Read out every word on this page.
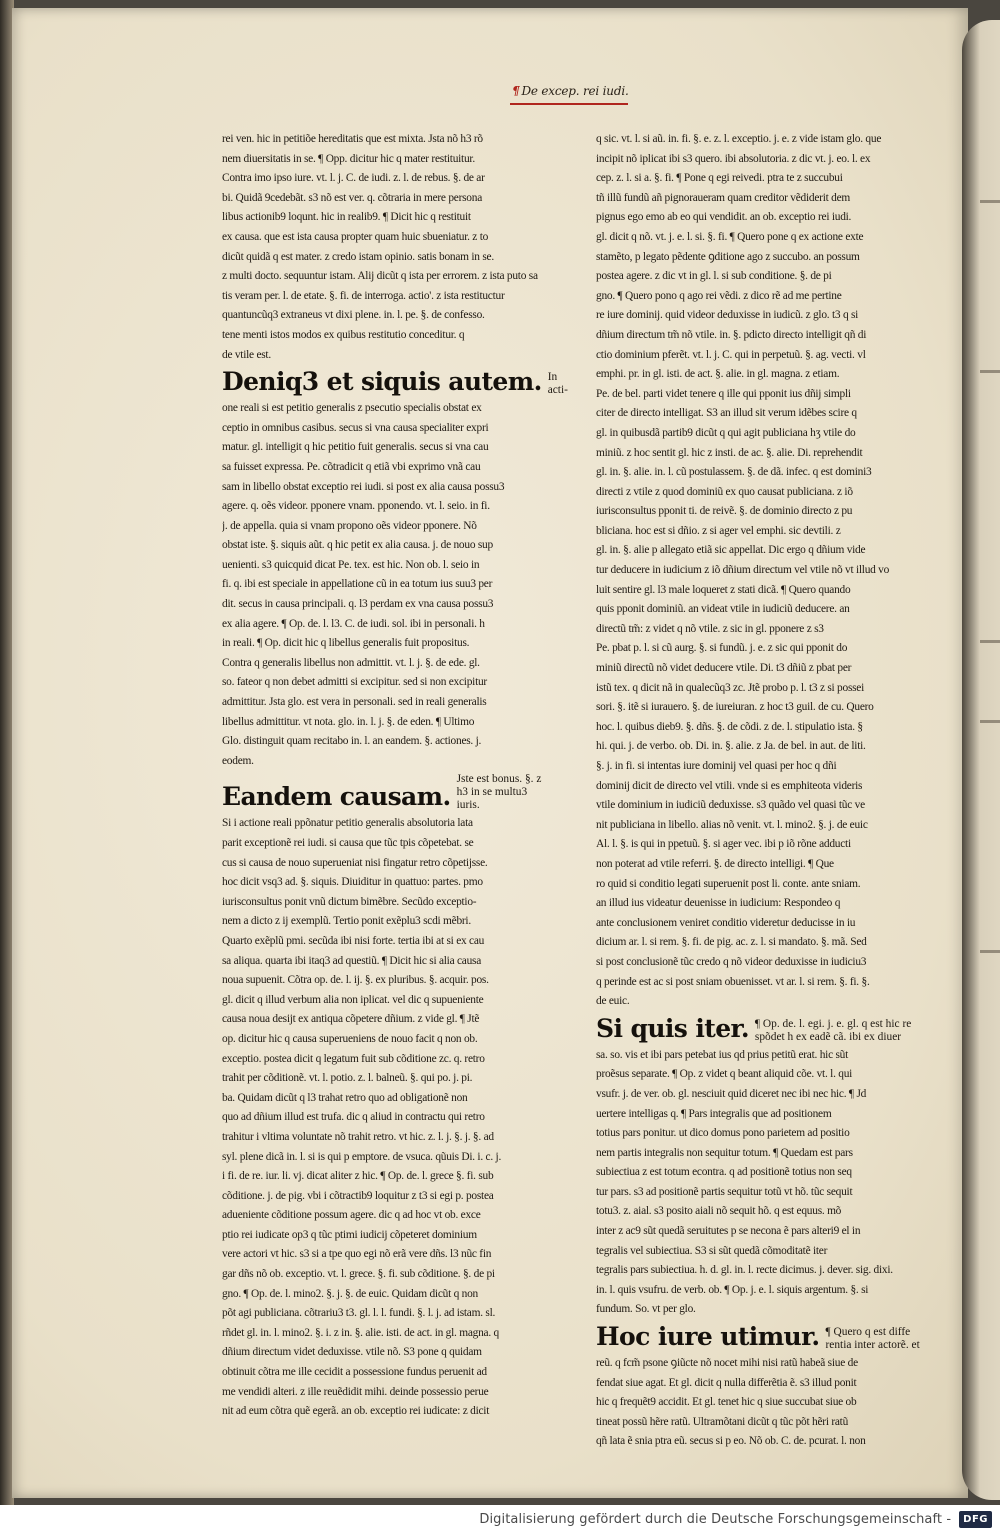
¶ De excep. rei iudi.
rei ven. hic in petitiõe hereditatis que est mixta. Jsta nõ h3 rõ
nem diuersitatis in se. ¶ Opp. dicitur hic q mater restituitur.
Contra imo ipso iure. vt. l. j. C. de iudi. z. l. de rebus. §. de ar
bi. Quidã 9cedebãt. s3 nõ est ver. q. cõtraria in mere persona
libus actionib9 loqunt. hic in realib9. ¶ Dicit hic q restituit
ex causa. que est ista causa propter quam huic sbueniatur. z to
dicũt quidã q est mater. z credo istam opinio. satis bonam in se.
z multi docto. sequuntur istam. Alij dicũt q ista per errorem. z ista puto sa
tis veram per. l. de etate. §. fi. de interroga. actio'. z ista restituctur
quantuncũq3 extraneus vt dixi plene. in. l. pe. §. de confesso.
tene menti istos modos ex quibus restitutio conceditur. q
de vtile est.
Deniq3 et siquis autem. In acti-
one reali si est petitio generalis z psecutio specialis obstat ex
ceptio in omnibus casibus. secus si vna causa specialiter expri
matur. gl. intelligit q hic petitio fuit generalis. secus si vna cau
sa fuisset expressa. Pe. cõtradicit q etiã vbi exprimo vnã cau
sam in libello obstat exceptio rei iudi. si post ex alia causa possu3
agere. q. oẽs videor. pponere vnam. pponendo. vt. l. seio. in fi.
j. de appella. quia si vnam propono oẽs videor pponere. Nõ
obstat iste. §. siquis aũt. q hic petit ex alia causa. j. de nouo sup
uenienti. s3 quicquid dicat Pe. tex. est hic. Non ob. l. seio in
fi. q. ibi est speciale in appellatione cũ in ea totum ius suu3 per
dit. secus in causa principali. q. l3 perdam ex vna causa possu3
ex alia agere. ¶ Op. de. l. l3. C. de iudi. sol. ibi in personali. h
in reali. ¶ Op. dicit hic q libellus generalis fuit propositus.
Contra q generalis libellus non admittit. vt. l. j. §. de ede. gl.
so. fateor q non debet admitti si excipitur. sed si non excipitur
admittitur. Jsta glo. est vera in personali. sed in reali generalis
libellus admittitur. vt nota. glo. in. l. j. §. de eden. ¶ Ultimo
Glo. distinguit quam recitabo in. l. an eandem. §. actiones. j.
eodem.
Eandem causam.
Jste est bonus. §. z
h3 in se multu3 iuris.
Si i actione reali ppõnatur petitio generalis absolutoria lata
parit exceptionẽ rei iudi. si causa que tũc tpis cõpetebat. se
cus si causa de nouo superueniat nisi fingatur retro cõpetijsse.
hoc dicit vsq3 ad. §. siquis. Diuiditur in quattuo: partes. pmo
iurisconsultus ponit vnũ dictum bimẽbre. Secũdo exceptio-
nem a dicto z ij exemplũ. Tertio ponit exẽplu3 scdi mẽbri.
Quarto exẽplũ pmi. secũda ibi nisi forte. tertia ibi at si ex cau
sa aliqua. quarta ibi itaq3 ad questiũ. ¶ Dicit hic si alia causa
noua supuenit. Cõtra op. de. l. ij. §. ex pluribus. §. acquir. pos.
gl. dicit q illud verbum alia non iplicat. vel dic q supueniente
causa noua desijt ex antiqua cõpetere dñium. z vide gl. ¶ Jtẽ
op. dicitur hic q causa superueniens de nouo facit q non ob.
exceptio. postea dicit q legatum fuit sub cõditione zc. q. retro
trahit per cõditionẽ. vt. l. potio. z. l. balneũ. §. qui po. j. pi.
ba. Quidam dicũt q l3 trahat retro quo ad obligationẽ non
quo ad dñium illud est trufa. dic q aliud in contractu qui retro
trahitur i vltima voluntate nõ trahit retro. vt hic. z. l. j. §. j. §. ad
syl. plene dicã in. l. si is qui p emptore. de vsuca. qũuis Di. i. c. j.
i fi. de re. iur. li. vj. dicat aliter z hic. ¶ Op. de. l. grece §. fi. sub
cõditione. j. de pig. vbi i cõtractib9 loquitur z t3 si egi p. postea
adueniente cõditione possum agere. dic q ad hoc vt ob. exce
ptio rei iudicate op3 q tũc ptimi iudicij cõpeteret dominium
vere actori vt hic. s3 si a tpe quo egi nõ erã vere dñs. l3 nũc fin
gar dñs nõ ob. exceptio. vt. l. grece. §. fi. sub cõditione. §. de pi
gno. ¶ Op. de. l. mino2. §. j. §. de euic. Quidam dicũt q non
põt agi publiciana. cõtrariu3 t3. gl. l. l. fundi. §. l. j. ad istam. sl.
rñdet gl. in. l. mino2. §. i. z in. §. alie. isti. de act. in gl. magna. q
dñium directum videt deduxisse. vtile nõ. S3 pone q quidam
obtinuit cõtra me ille cecidit a possessione fundus peruenit ad
me vendidi alteri. z ille reuẽdidit mihi. deinde possessio perue
nit ad eum cõtra quẽ egerã. an ob. exceptio rei iudicate: z dicit
q sic. vt. l. si aũ. in. fi. §. e. z. l. exceptio. j. e. z vide istam glo. que
incipit nõ iplicat ibi s3 quero. ibi absolutoria. z dic vt. j. eo. l. ex
cep. z. l. si a. §. fi. ¶ Pone q egi reivedi. ptra te z succubui
tñ illũ fundũ añ pignoraueram quam creditor vẽdiderit dem
pignus ego emo ab eo qui vendidit. an ob. exceptio rei iudi.
gl. dicit q nõ. vt. j. e. l. si. §. fi. ¶ Quero pone q ex actione exte
stamẽto, p legato pẽdente ꝯditione ago z succubo. an possum
postea agere. z dic vt in gl. l. si sub conditione. §. de pi
gno. ¶ Quero pono q ago rei vẽdi. z dico rẽ ad me pertine
re iure dominij. quid videor deduxisse in iudicũ. z glo. t3 q si
dñium directum tm̃ nõ vtile. in. §. pdicto directo intelligit qñ di
ctio dominium pferẽt. vt. l. j. C. qui in perpetuũ. §. ag. vecti. vl
emphi. pr. in gl. isti. de act. §. alie. in gl. magna. z etiam.
Pe. de bel. parti videt tenere q ille qui pponit ius dñij simpli
citer de directo intelligat. S3 an illud sit verum idẽbes scire q
gl. in quibusdã partib9 dicũt q qui agit publiciana hʒ vtile do
miniũ. z hoc sentit gl. hic z insti. de ac. §. alie. Di. reprehendit
gl. in. §. alie. in. l. cũ postulassem. §. de dã. infec. q est domini3
directi z vtile z quod dominiũ ex quo causat publiciana. z iõ
iurisconsultus pponit ti. de reivẽ. §. de dominio directo z pu
bliciana. hoc est si dñio. z si ager vel emphi. sic devtili. z
gl. in. §. alie p allegato etiã sic appellat. Dic ergo q dñium vide
tur deducere in iudicium z iõ dñium directum vel vtile nõ vt illud vo
luit sentire gl. l3 male loqueret z stati dicã. ¶ Quero quando
quis pponit dominiũ. an videat vtile in iudiciũ deducere. an
directũ tm̃: z videt q nõ vtile. z sic in gl. pponere z s3
Pe. pbat p. l. si cũ aurg. §. si fundũ. j. e. z sic qui pponit do
miniũ directũ nõ videt deducere vtile. Di. t3 dñiũ z pbat per
istũ tex. q dicit nã in qualecũq3 zc. Jtẽ probo p. l. t3 z si possei
sori. §. itẽ si iurauero. §. de iureiuran. z hoc t3 guil. de cu. Quero
hoc. l. quibus dieb9. §. dñs. §. de cõdi. z de. l. stipulatio ista. §
hi. qui. j. de verbo. ob. Di. in. §. alie. z Ja. de bel. in aut. de liti.
§. j. in fi. si intentas iure dominij vel quasi per hoc q dñi
dominij dicit de directo vel vtili. vnde si es emphiteota videris
vtile dominium in iudiciũ deduxisse. s3 quãdo vel quasi tũc ve
nit publiciana in libello. alias nõ venit. vt. l. mino2. §. j. de euic
Al. l. §. is qui in ppetuũ. §. si ager vec. ibi p iõ rõne adducti
non poterat ad vtile referri. §. de directo intelligi. ¶ Que
ro quid si conditio legati superuenit post li. conte. ante sniam.
an illud ius videatur deuenisse in iudicium: Respondeo q
ante conclusionem veniret conditio videretur deducisse in iu
dicium ar. l. si rem. §. fi. de pig. ac. z. l. si mandato. §. mã. Sed
si post conclusionẽ tũc credo q nõ videor deduxisse in iudiciu3
q perinde est ac si post sniam obuenisset. vt ar. l. si rem. §. fi. §.
de euic.
Si quis iter. ¶ Op. de. l. egi. j. e. gl. q est hic re
spõdet h ex eadẽ cã. ibi ex diuer
sa. so. vis et ibi pars petebat ius qd prius petitũ erat. hic sũt
proẽsus separate. ¶ Op. z videt q beant aliquid cõe. vt. l. qui
vsufr. j. de ver. ob. gl. nesciuit quid diceret nec ibi nec hic. ¶ Jd
uertere intelligas q. ¶ Pars integralis que ad positionem
totius pars ponitur. ut dico domus pono parietem ad positio
nem partis integralis non sequitur totum. ¶ Quedam est pars
subiectiua z est totum econtra. q ad positionẽ totius non seq
tur pars. s3 ad positionẽ partis sequitur totũ vt hõ. tũc sequit
totu3. z. aial. s3 posito aiali nõ sequit hõ. q est equus. mõ
inter z ac9 sũt quedã seruitutes p se necona ẽ pars alteri9 el in
tegralis vel subiectiua. S3 si sũt quedã cõmoditatẽ iter
tegralis pars subiectiua. h. d. gl. in. l. recte dicimus. j. dever. sig. dixi.
in. l. quis vsufru. de verb. ob. ¶ Op. j. e. l. siquis argentum. §. si
fundum. So. vt per glo.
Hoc iure utimur. ¶ Quero q est diffe
rentia inter actorẽ. et
reũ. q fcm̃ psone ꝯiũcte nõ nocet mihi nisi ratũ habeã siue de
fendat siue agat. Et gl. dicit q nulla differẽtia ẽ. s3 illud ponit
hic q frequẽt9 accidit. Et gl. tenet hic q siue succubat siue ob
tineat possũ hẽre ratũ. Ultramõtani dicũt q tũc põt hẽri ratũ
qñ lata ẽ snia ptra eũ. secus si p eo. Nõ ob. C. de. pcurat. l. non
Digitalisierung gefördert durch die Deutsche Forschungsgemeinschaft -	DFG
